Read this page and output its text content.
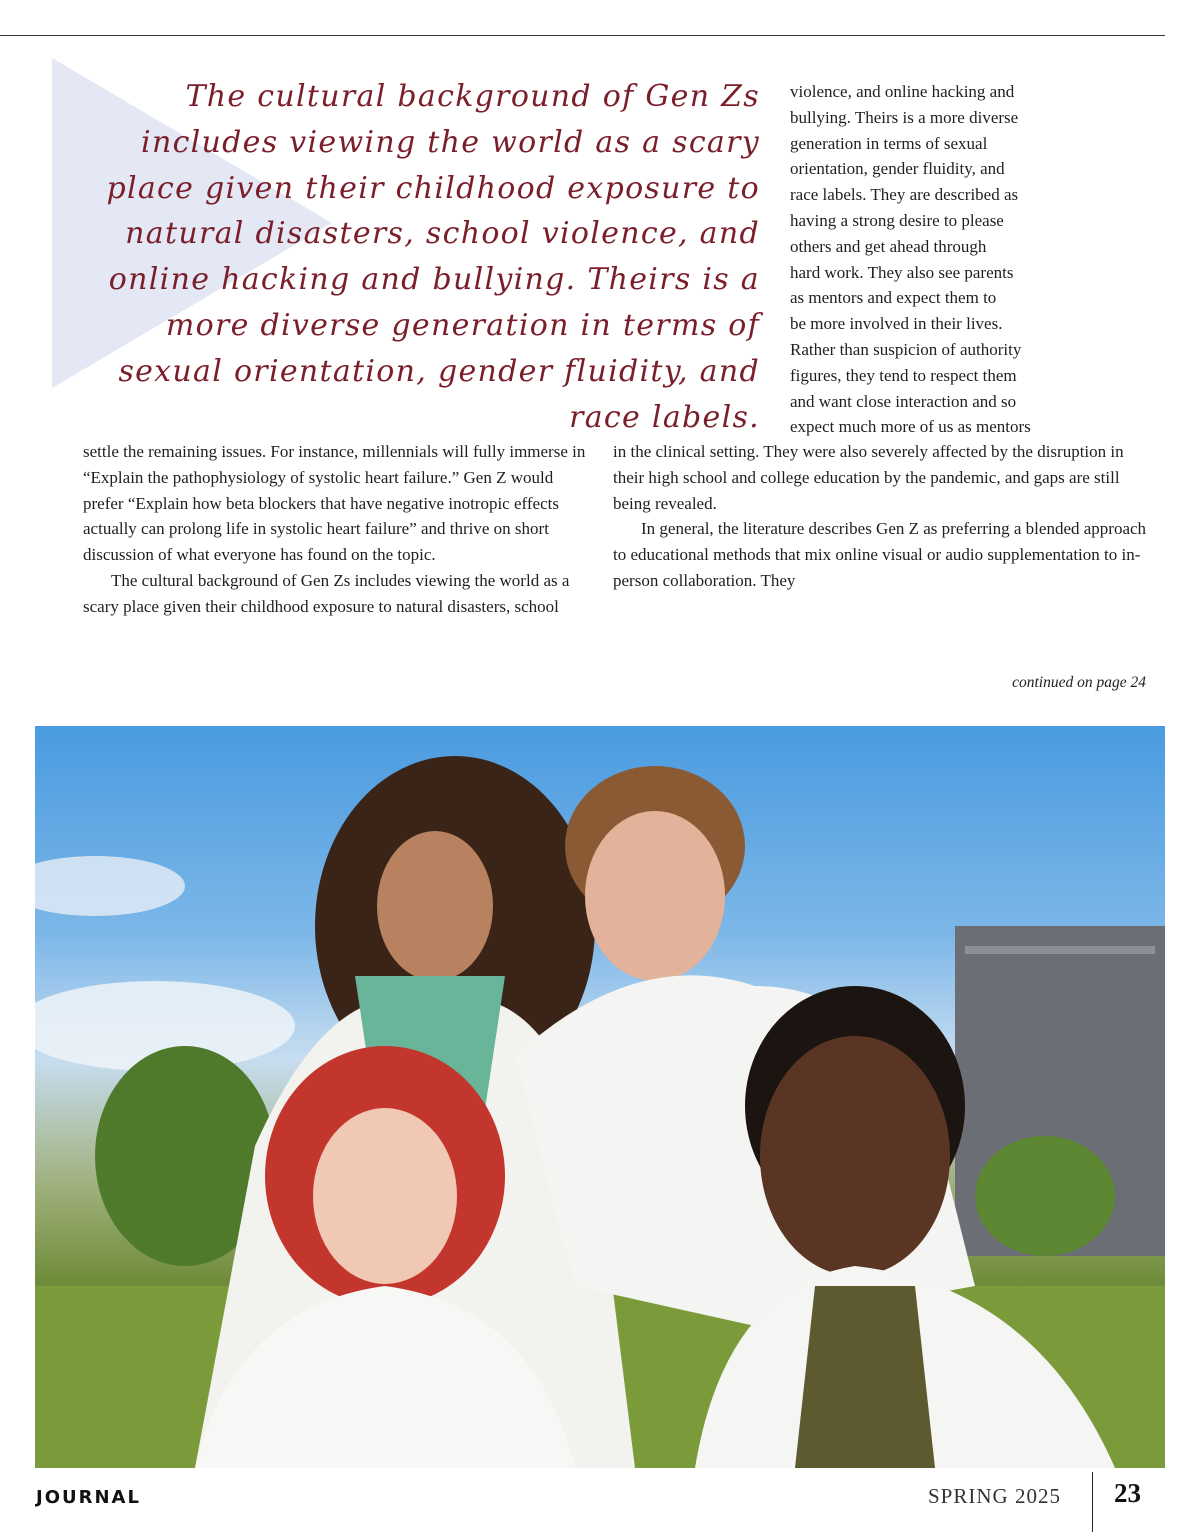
The cultural background of Gen Zs includes viewing the world as a scary place given their childhood exposure to natural disasters, school violence, and online hacking and bullying. Theirs is a more diverse generation in terms of sexual orientation, gender fluidity, and race labels.

violence, and online hacking and
bullying. Theirs is a more diverse
generation in terms of sexual
orientation, gender fluidity, and
race labels. They are described as
having a strong desire to please
others and get ahead through
hard work. They also see parents
as mentors and expect them to
be more involved in their lives.
Rather than suspicion of authority
figures, they tend to respect them
and want close interaction and so
expect much more of us as mentors

settle the remaining issues. For instance, millennials will fully immerse in “Explain the pathophysiology of systolic heart failure.” Gen Z would prefer “Explain how beta blockers that have negative inotropic effects actually can prolong life in systolic heart failure” and thrive on short discussion of what everyone has found on the topic.

The cultural background of Gen Zs includes viewing the world as a scary place given their childhood exposure to natural disasters, school

in the clinical setting. They were also severely affected by the disruption in their high school and college education by the pandemic, and gaps are still being revealed.

In general, the literature describes Gen Z as preferring a blended approach to educational methods that mix online visual or audio supplementation to in- person collaboration. They

continued on page 24
JOURNAL	SPRING 2025 23
